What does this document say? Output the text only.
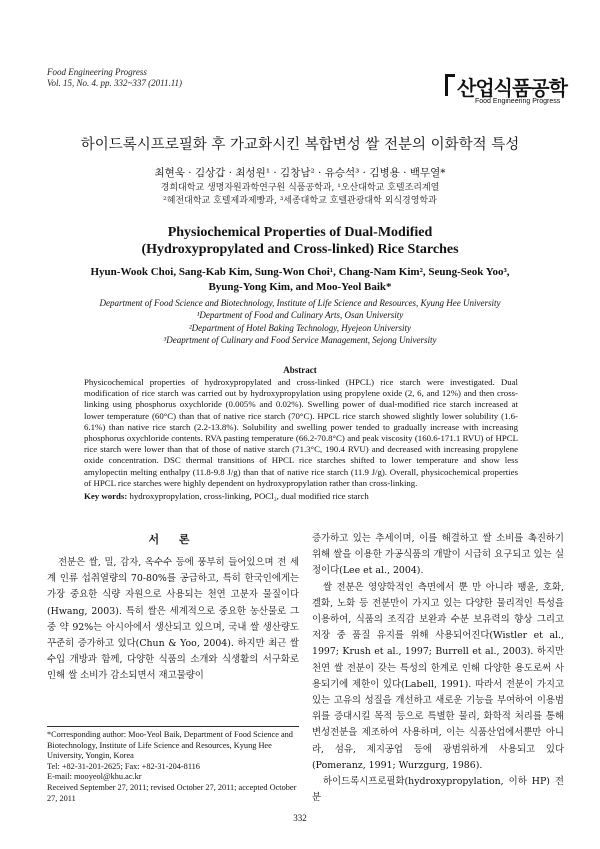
Food Engineering Progress
Vol. 15, No. 4. pp. 332~337 (2011.11)	산업식품공학
Food Engineering Progress
하이드록시프로필화 후 가교화시킨 복합변성 쌀 전분의 이화학적 특성
최현욱 · 김상갑 · 최성원¹ · 김창남² · 유승석³ · 김병용 · 백무열*
경희대학교 생명자원과학연구원 식품공학과, ¹오산대학교 호텔조리계열
²혜전대학교 호텔제과제빵과, ³세종대학교 호텔관광대학 외식경영학과
Physiochemical Properties of Dual-Modified
(Hydroxypropylated and Cross-linked) Rice Starches
Hyun-Wook Choi, Sang-Kab Kim, Sung-Won Choi¹, Chang-Nam Kim², Seung-Seok Yoo³,
Byung-Yong Kim, and Moo-Yeol Baik*
Department of Food Science and Biotechnology, Institute of Life Science and Resources, Kyung Hee University
¹Department of Food and Culinary Arts, Osan University
²Department of Hotel Baking Technology, Hyejeon University
³Deaprtment of Culinary and Food Service Management, Sejong University
Abstract
Physicochemical properties of hydroxypropylated and cross-linked (HPCL) rice starch were investigated. Dual modification of rice starch was carried out by hydroxypropylation using propylene oxide (2, 6, and 12%) and then cross-linking using phosphorus oxychloride (0.005% and 0.02%). Swelling power of dual-modified rice starch increased at lower temperature (60°C) than that of native rice starch (70°C). HPCL rice starch showed slightly lower solubility (1.6-6.1%) than native rice starch (2.2-13.8%). Solubility and swelling power tended to gradually increase with increasing phosphorus oxychloride contents. RVA pasting temperature (66.2-70.8°C) and peak viscosity (160.6-171.1 RVU) of HPCL rice starch were lower than that of those of native starch (71.3°C, 190.4 RVU) and decreased with increasing propylene oxide concentration. DSC thermal transitions of HPCL rice starches shifted to lower temperature and show less amylopectin melting enthalpy (11.8-9.8 J/g) than that of native rice starch (11.9 J/g). Overall, physicochemical properties of HPCL rice starches were highly dependent on hydroxypropylation rather than cross-linking.
Key words: hydroxypropylation, cross-linking, POCl₃, dual modified rice starch
서 론
전분은 쌀, 밀, 감자, 옥수수 등에 풍부히 들어있으며 전 세계 인류 섭취열량의 70-80%를 공급하고, 특히 한국인에게는 가장 중요한 식량 자원으로 사용되는 천연 고분자 물질이다(Hwang, 2003). 특히 쌀은 세계적으로 중요한 농산물로 그 중 약 92%는 아시아에서 생산되고 있으며, 국내 쌀 생산량도 꾸준히 증가하고 있다(Chun & Yoo, 2004). 하지만 최근 쌀 수입 개방과 함께, 다양한 식품의 소개와 식생활의 서구화로 인해 쌀 소비가 감소되면서 재고물량이
증가하고 있는 추세이며, 이를 해결하고 쌀 소비를 촉진하기 위해 쌀을 이용한 가공식품의 개발이 시급히 요구되고 있는 실정이다(Lee et al., 2004).
쌀 전분은 영양학적인 측면에서 뿐 만 아니라 팽윤, 호화, 겔화, 노화 등 전분만이 가지고 있는 다양한 물리적인 특성을 이용하여, 식품의 조직감 보완과 수분 보유력의 향상 그리고 저장 중 품질 유지를 위해 사용되어진다(Wistler et al., 1997; Krush et al., 1997; Burrell et al., 2003). 하지만 천연 쌀 전분이 갖는 특성의 한계로 인해 다양한 용도로써 사용되기에 제한이 있다(Labell, 1991). 따라서 전분이 가지고 있는 고유의 성질을 개선하고 새로운 기능을 부여하여 이용범위를 증대시킬 목적 등으로 특별한 물리, 화학적 처리를 통해 변성전분을 제조하여 사용하며, 이는 식품산업에서뿐만 아니라, 섬유, 제지공업 등에 광범위하게 사용되고 있다(Pomeranz, 1991; Wurzgurg, 1986).
하이드록시프로필화(hydroxypropylation, 이하 HP) 전분
*Corresponding author: Moo-Yeol Baik, Department of Food Science and Biotechnology, Institute of Life Science and Resources, Kyung Hee University, Yongin, Korea
Tel: +82-31-201-2625; Fax: +82-31-204-8116
E-mail: mooyeol@khu.ac.kr
Received September 27, 2011; revised October 27, 2011; accepted October 27, 2011
332
